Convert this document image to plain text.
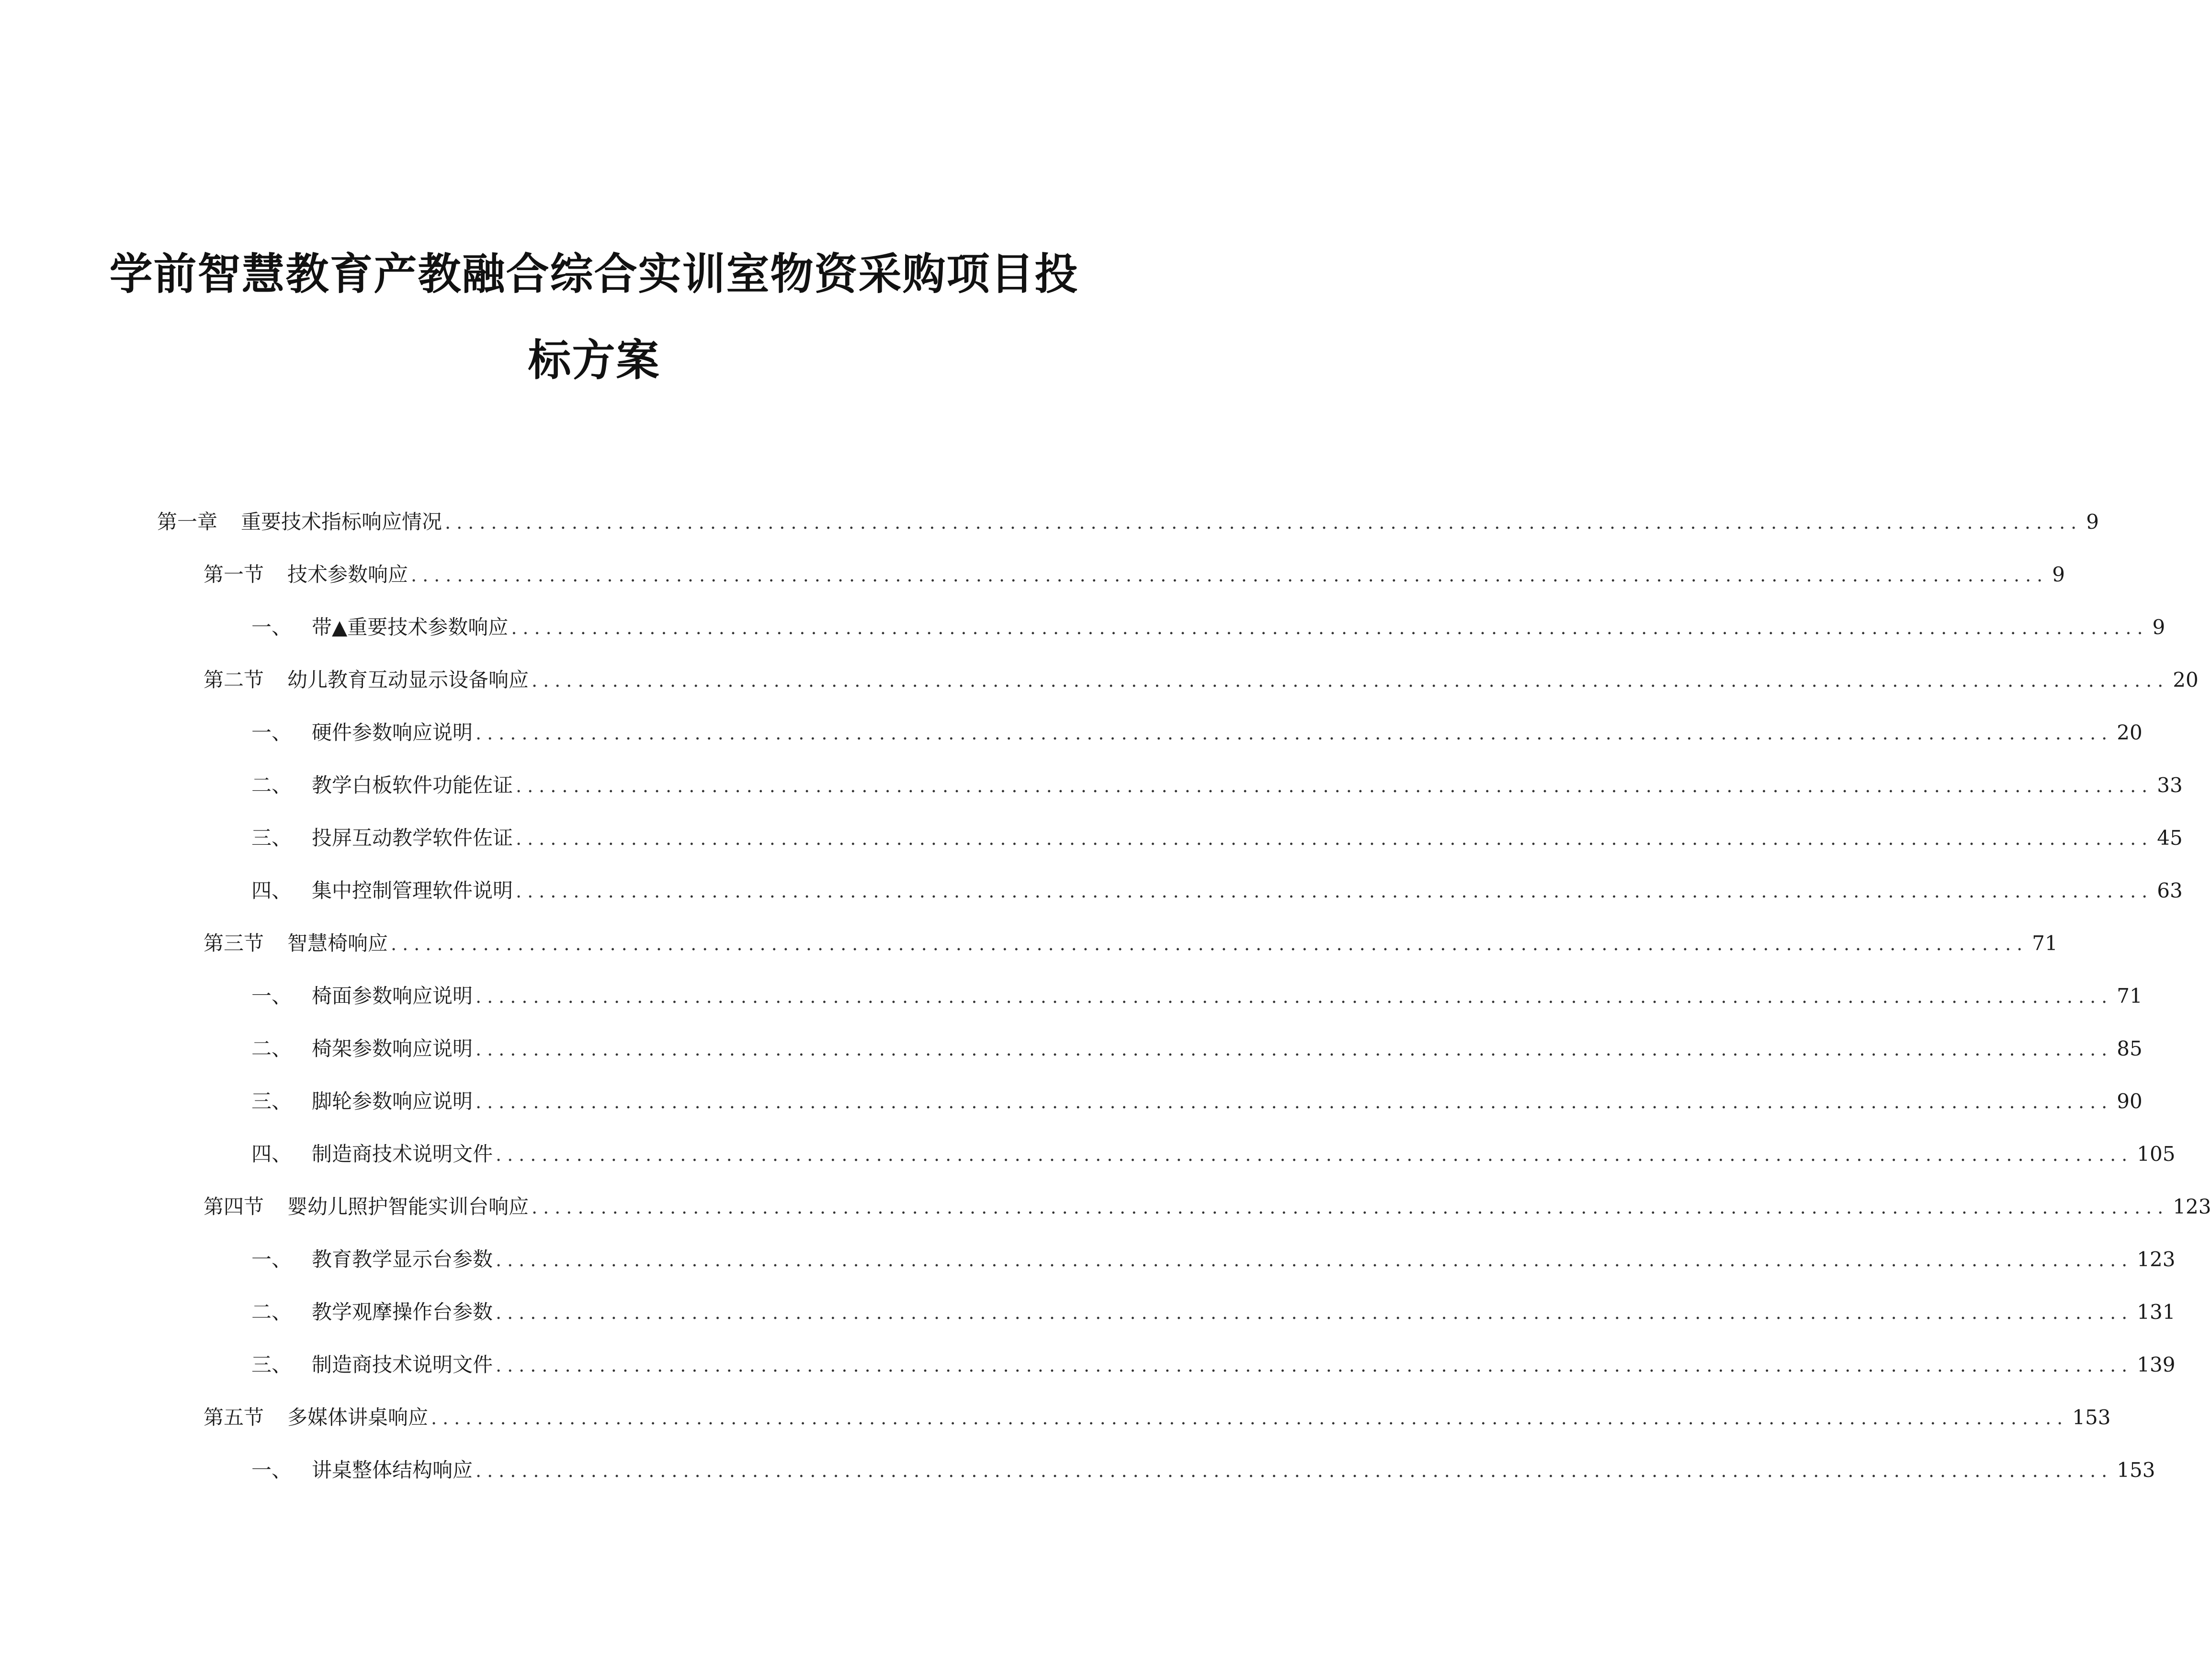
学前智慧教育产教融合综合实训室物资采购项目投
标方案
第一章 重要技术指标响应情况 .............................................................................................................................................. 9
第一节 技术参数响应 .............................................................................................................................................. 9
一、 带▲重要技术参数响应 .............................................................................................................................................. 9
第二节 幼儿教育互动显示设备响应 .............................................................................................................................................. 20
一、 硬件参数响应说明 .............................................................................................................................................. 20
二、 教学白板软件功能佐证 .............................................................................................................................................. 33
三、 投屏互动教学软件佐证 .............................................................................................................................................. 45
四、 集中控制管理软件说明 .............................................................................................................................................. 63
第三节 智慧椅响应 .............................................................................................................................................. 71
一、 椅面参数响应说明 .............................................................................................................................................. 71
二、 椅架参数响应说明 .............................................................................................................................................. 85
三、 脚轮参数响应说明 .............................................................................................................................................. 90
四、 制造商技术说明文件 .............................................................................................................................................. 105
第四节 婴幼儿照护智能实训台响应 .............................................................................................................................................. 123
一、 教育教学显示台参数 .............................................................................................................................................. 123
二、 教学观摩操作台参数 .............................................................................................................................................. 131
三、 制造商技术说明文件 .............................................................................................................................................. 139
第五节 多媒体讲桌响应 .............................................................................................................................................. 153
一、 讲桌整体结构响应 .............................................................................................................................................. 153
